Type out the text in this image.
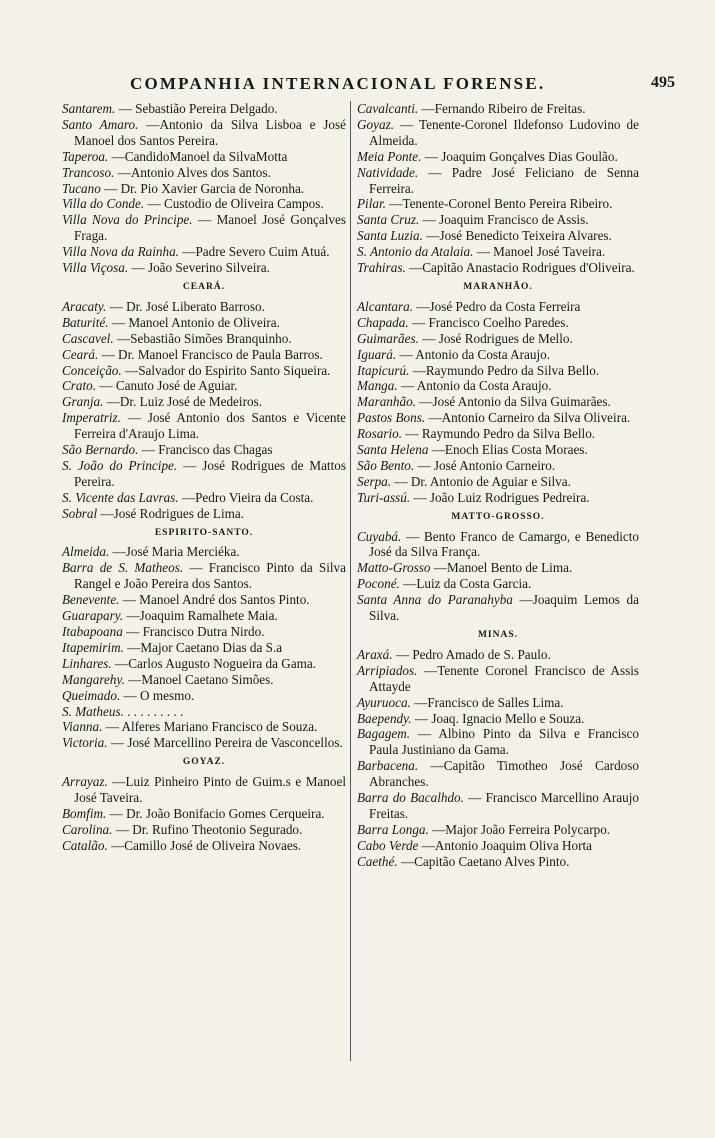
COMPANHIA INTERNACIONAL FORENSE.	495
Santarem. — Sebastião Pereira Delgado.
Santo Amaro. —Antonio da Silva Lisboa e José Manoel dos Santos Pereira.
Taperoa. —CandidoManoel da SilvaMotta
Trancoso. —Antonio Alves dos Santos.
Tucano — Dr. Pio Xavier Garcia de Noronha.
Villa do Conde. — Custodio de Oliveira Campos.
Villa Nova do Principe. — Manoel José Gonçalves Fraga.
Villa Nova da Rainha. —Padre Severo Cuim Atuá.
Villa Viçosa. — João Severino Silveira.
CEARÁ.
Aracaty. — Dr. José Liberato Barroso.
Baturité. — Manoel Antonio de Oliveira.
Cascavel. —Sebastião Simões Branquinho.
Ceará. — Dr. Manoel Francisco de Paula Barros.
Conceição. —Salvador do Espirito Santo Siqueira.
Crato. — Canuto José de Aguiar.
Granja. —Dr. Luiz José de Medeiros.
Imperatriz. — José Antonio dos Santos e Vicente Ferreira d'Araujo Lima.
São Bernardo. — Francisco das Chagas
S. João do Principe. — José Rodrigues de Mattos Pereira.
S. Vicente das Lavras. —Pedro Vieira da Costa.
Sobral —José Rodrigues de Lima.
ESPIRITO-SANTO.
Almeida. —José Maria Merciéka.
Barra de S. Matheos. — Francisco Pinto da Silva Rangel e João Pereira dos Santos.
Benevente. — Manoel André dos Santos Pinto.
Guarapary. —Joaquim Ramalhete Maia.
Itabapoana — Francisco Dutra Nirdo.
Itapemirim. —Major Caetano Dias da S.a
Linhares. —Carlos Augusto Nogueira da Gama.
Mangarehy. —Manoel Caetano Simões.
Queimado. — O mesmo.
S. Matheus. . . . . . . . . .
Vianna. — Alferes Mariano Francisco de Souza.
Victoria. — José Marcellino Pereira de Vasconcellos.
GOYAZ.
Arrayaz. —Luiz Pinheiro Pinto de Guim.s e Manoel José Taveira.
Bomfim. — Dr. João Bonifacio Gomes Cerqueira.
Carolina. — Dr. Rufino Theotonio Segurado.
Catalão. —Camillo José de Oliveira Novaes.
Cavalcanti. —Fernando Ribeiro de Freitas.
Goyaz. — Tenente-Coronel Ildefonso Ludovino de Almeida.
Meia Ponte. — Joaquim Gonçalves Dias Goulão.
Natividade. — Padre José Feliciano de Senna Ferreira.
Pilar. —Tenente-Coronel Bento Pereira Ribeiro.
Santa Cruz. — Joaquim Francisco de Assis.
Santa Luzia. —José Benedicto Teixeira Alvares.
S. Antonio da Atalaia. — Manoel José Taveira.
Trahiras. —Capitão Anastacio Rodrigues d'Oliveira.
MARANHÃO.
Alcantara. —José Pedro da Costa Ferreira
Chapada. — Francisco Coelho Paredes.
Guimarães. — José Rodrigues de Mello.
Iguará. — Antonio da Costa Araujo.
Itapicurú. —Raymundo Pedro da Silva Bello.
Manga. — Antonio da Costa Araujo.
Maranhão. —José Antonio da Silva Guimarães.
Pastos Bons. —Antonio Carneiro da Silva Oliveira.
Rosario. — Raymundo Pedro da Silva Bello.
Santa Helena —Enoch Elias Costa Moraes.
São Bento. — José Antonio Carneiro.
Serpa. — Dr. Antonio de Aguiar e Silva.
Turi-assú. — João Luiz Rodrigues Pedreira.
MATTO-GROSSO.
Cuyabá. — Bento Franco de Camargo, e Benedicto José da Silva França.
Matto-Grosso —Manoel Bento de Lima.
Poconé. —Luiz da Costa Garcia.
Santa Anna do Paranahyba —Joaquim Lemos da Silva.
MINAS.
Araxá. — Pedro Amado de S. Paulo.
Arripiados. —Tenente Coronel Francisco de Assis Attayde
Ayuruoca. —Francisco de Salles Lima.
Baependy. — Joaq. Ignacio Mello e Souza.
Bagagem. — Albino Pinto da Silva e Francisco Paula Justiniano da Gama.
Barbacena. —Capitão Timotheo José Cardoso Abranches.
Barra do Bacalhdo. — Francisco Marcellino Araujo Freitas.
Barra Longa. —Major João Ferreira Polycarpo.
Cabo Verde —Antonio Joaquim Oliva Horta
Caethé. —Capitão Caetano Alves Pinto.
